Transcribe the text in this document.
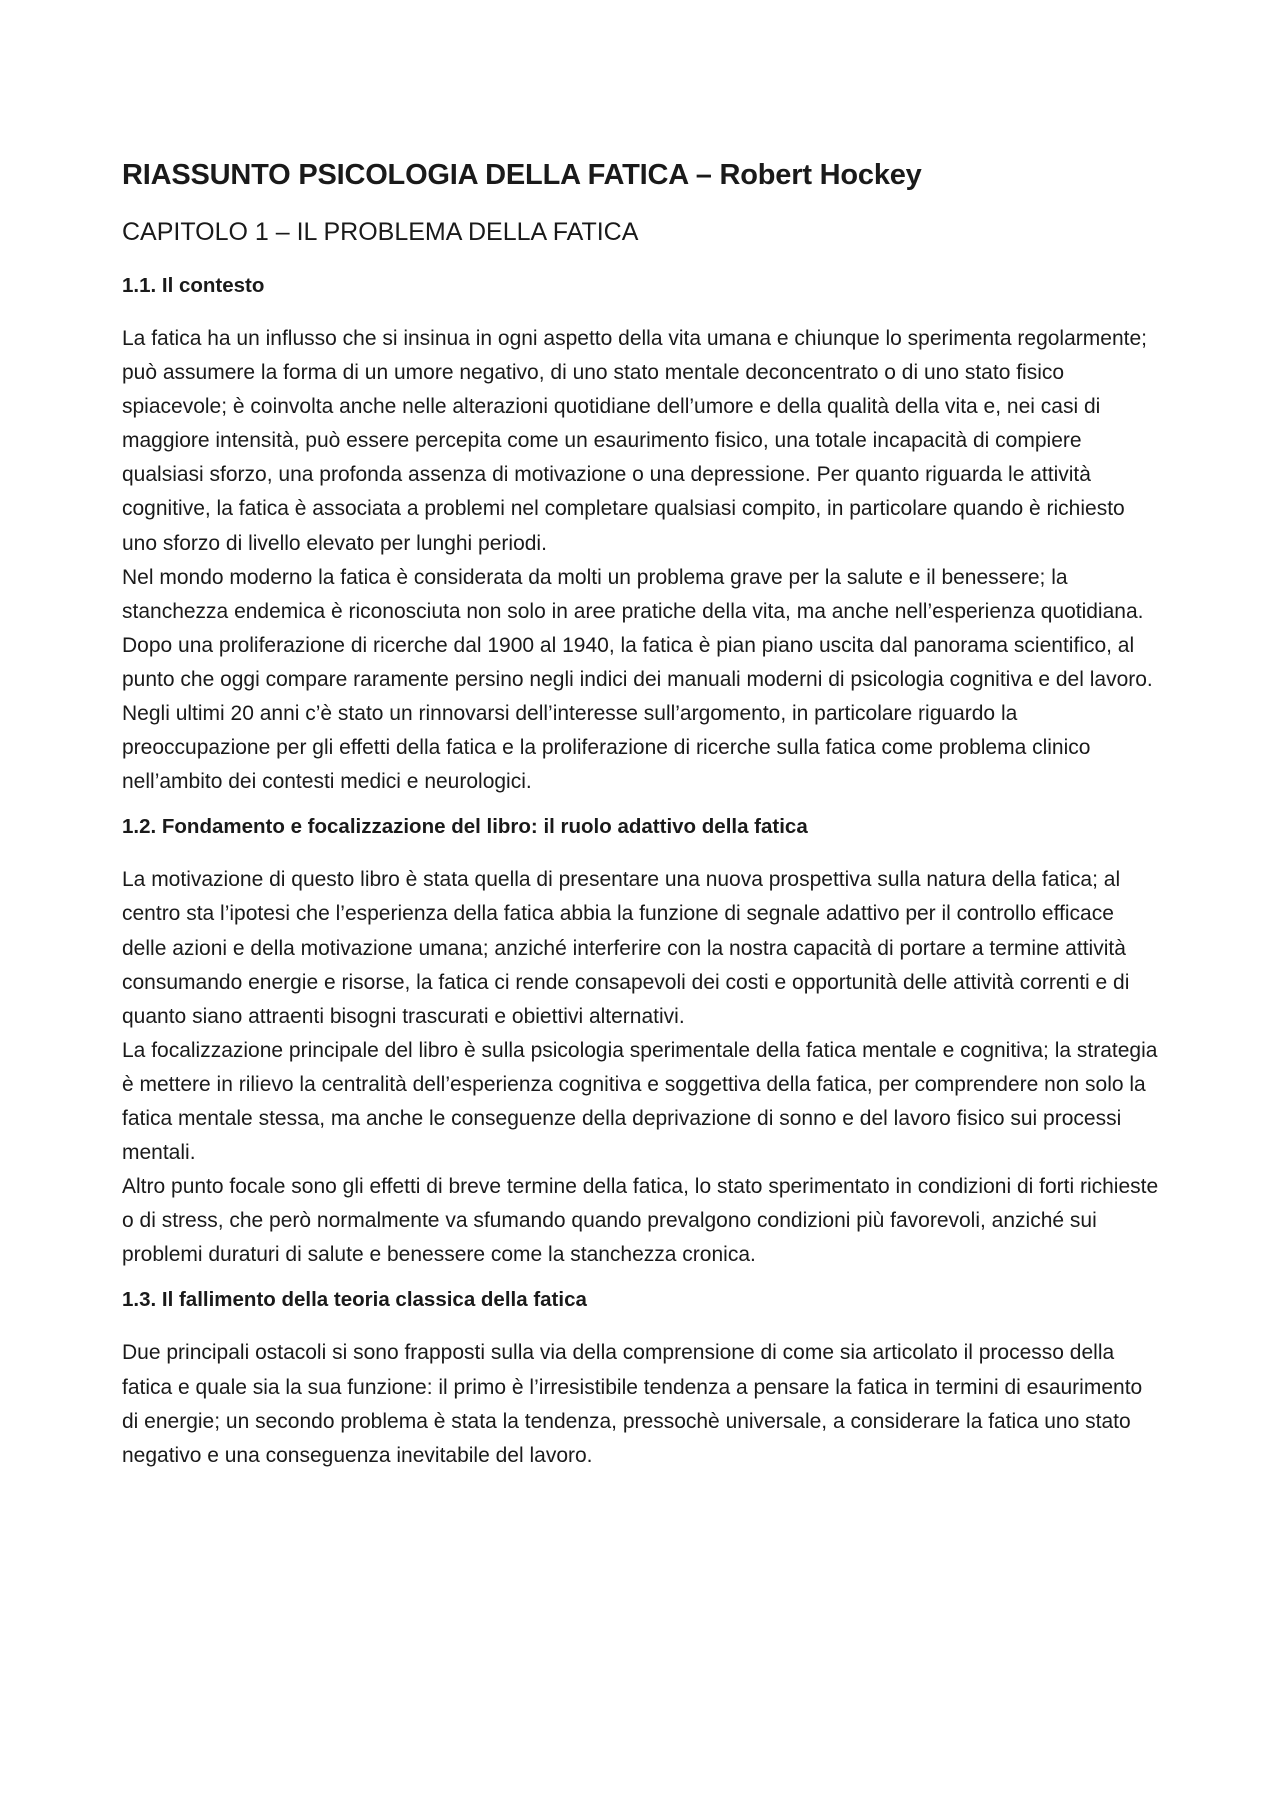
RIASSUNTO PSICOLOGIA DELLA FATICA – Robert Hockey
CAPITOLO 1 – IL PROBLEMA DELLA FATICA
1.1. Il contesto

La fatica ha un influsso che si insinua in ogni aspetto della vita umana e chiunque lo sperimenta regolarmente; può assumere la forma di un umore negativo, di uno stato mentale deconcentrato o di uno stato fisico spiacevole; è coinvolta anche nelle alterazioni quotidiane dell’umore e della qualità della vita e, nei casi di maggiore intensità, può essere percepita come un esaurimento fisico, una totale incapacità di compiere qualsiasi sforzo, una profonda assenza di motivazione o una depressione. Per quanto riguarda le attività cognitive, la fatica è associata a problemi nel completare qualsiasi compito, in particolare quando è richiesto uno sforzo di livello elevato per lunghi periodi.

Nel mondo moderno la fatica è considerata da molti un problema grave per la salute e il benessere; la stanchezza endemica è riconosciuta non solo in aree pratiche della vita, ma anche nell’esperienza quotidiana.

Dopo una proliferazione di ricerche dal 1900 al 1940, la fatica è pian piano uscita dal panorama scientifico, al punto che oggi compare raramente persino negli indici dei manuali moderni di psicologia cognitiva e del lavoro.

Negli ultimi 20 anni c’è stato un rinnovarsi dell’interesse sull’argomento, in particolare riguardo la preoccupazione per gli effetti della fatica e la proliferazione di ricerche sulla fatica come problema clinico nell’ambito dei contesti medici e neurologici.

1.2. Fondamento e focalizzazione del libro: il ruolo adattivo della fatica

La motivazione di questo libro è stata quella di presentare una nuova prospettiva sulla natura della fatica; al centro sta l’ipotesi che l’esperienza della fatica abbia la funzione di segnale adattivo per il controllo efficace delle azioni e della motivazione umana; anziché interferire con la nostra capacità di portare a termine attività consumando energie e risorse, la fatica ci rende consapevoli dei costi e opportunità delle attività correnti e di quanto siano attraenti bisogni trascurati e obiettivi alternativi.

La focalizzazione principale del libro è sulla psicologia sperimentale della fatica mentale e cognitiva; la strategia è mettere in rilievo la centralità dell’esperienza cognitiva e soggettiva della fatica, per comprendere non solo la fatica mentale stessa, ma anche le conseguenze della deprivazione di sonno e del lavoro fisico sui processi mentali.

Altro punto focale sono gli effetti di breve termine della fatica, lo stato sperimentato in condizioni di forti richieste o di stress, che però normalmente va sfumando quando prevalgono condizioni più favorevoli, anziché sui problemi duraturi di salute e benessere come la stanchezza cronica.

1.3. Il fallimento della teoria classica della fatica

Due principali ostacoli si sono frapposti sulla via della comprensione di come sia articolato il processo della fatica e quale sia la sua funzione: il primo è l’irresistibile tendenza a pensare la fatica in termini di esaurimento di energie; un secondo problema è stata la tendenza, pressochè universale, a considerare la fatica uno stato negativo e una conseguenza inevitabile del lavoro.
